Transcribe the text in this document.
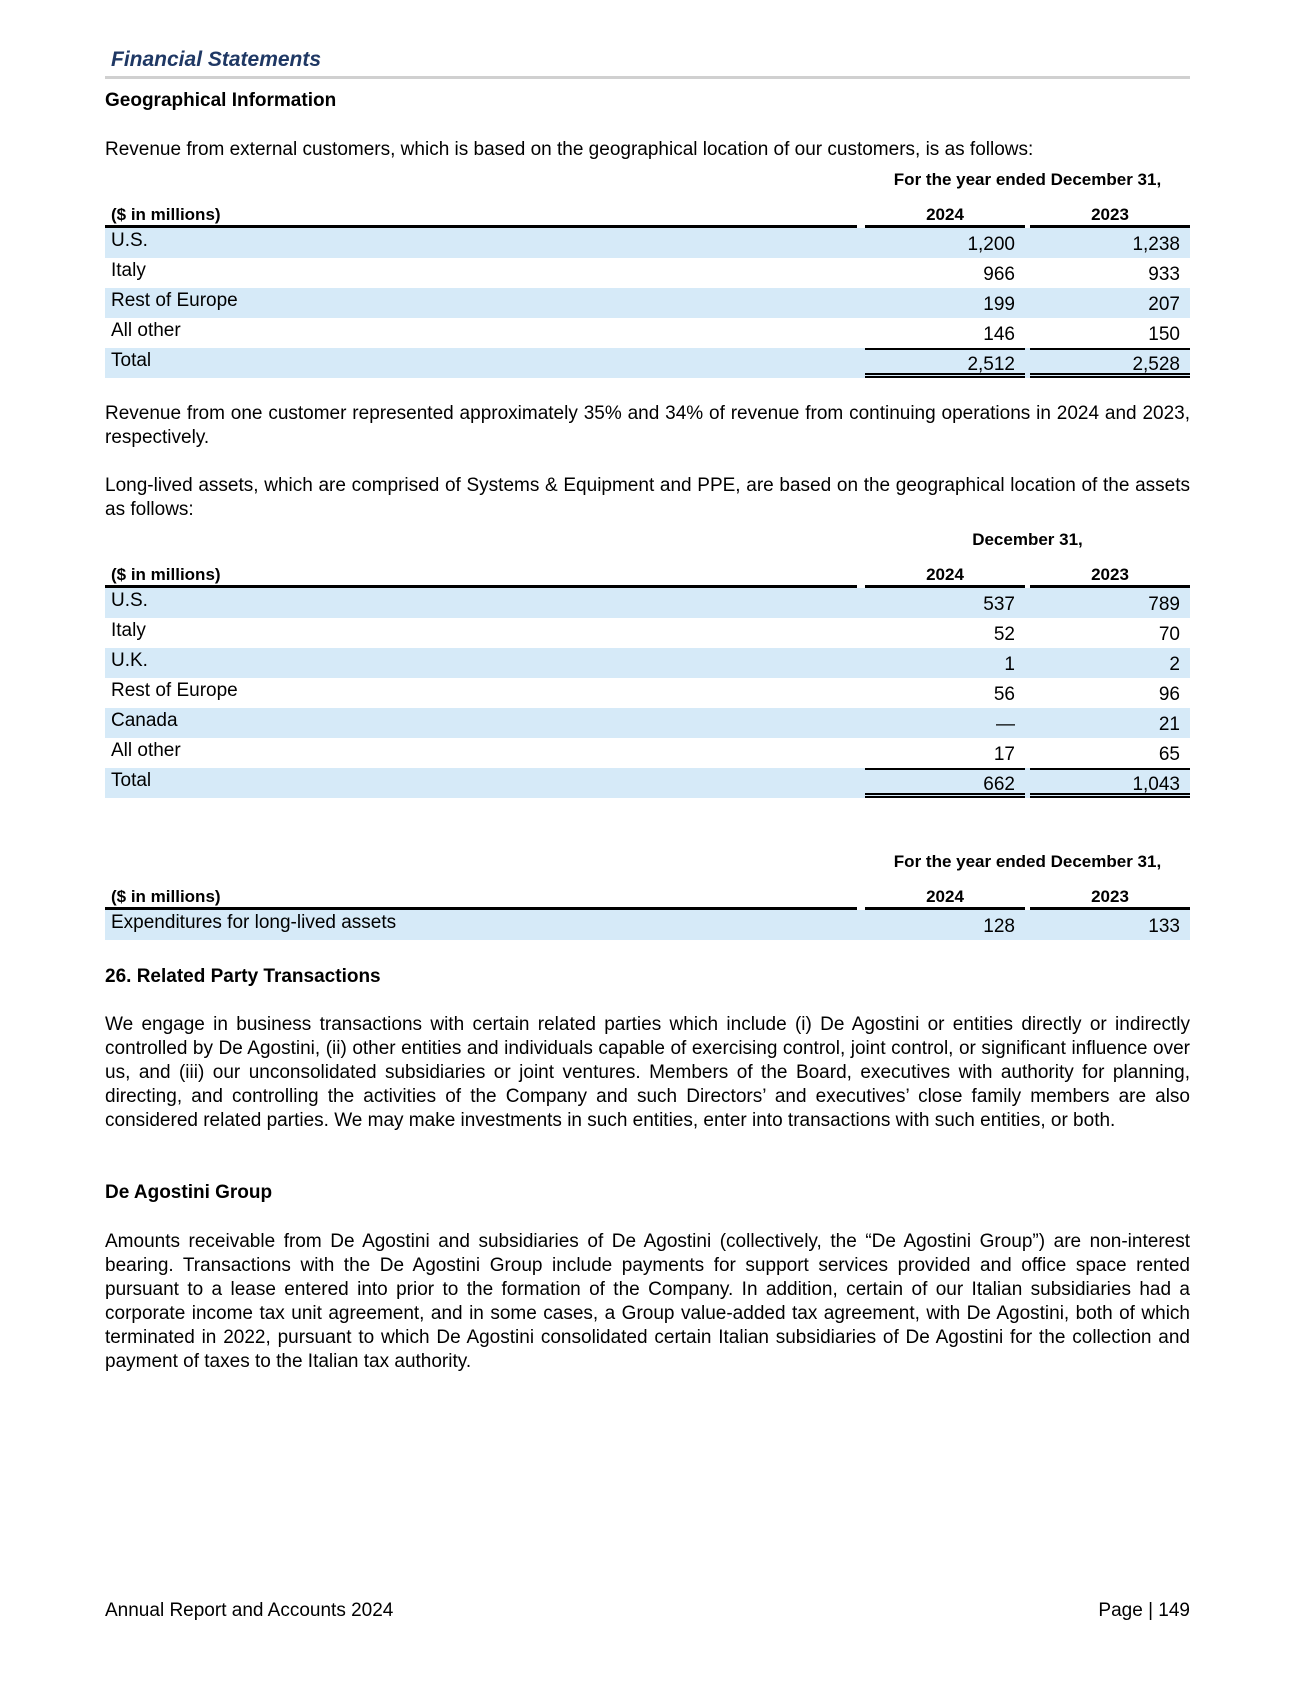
Financial Statements
Geographical Information
Revenue from external customers, which is based on the geographical location of our customers, is as follows:
For the year ended December 31,
($ in millions)	2024	2023
U.S.	1,200	1,238
Italy	966	933
Rest of Europe	199	207
All other	146	150
Total	2,512	2,528
Revenue from one customer represented approximately 35% and 34% of revenue from continuing operations in 2024 and 2023, respectively.
Long-lived assets, which are comprised of Systems & Equipment and PPE, are based on the geographical location of the assets as follows:
December 31,
($ in millions)	2024	2023
U.S.	537	789
Italy	52	70
U.K.	1	2
Rest of Europe	56	96
Canada	—	21
All other	17	65
Total	662	1,043
For the year ended December 31,
($ in millions)	2024	2023
Expenditures for long-lived assets	128	133
26. Related Party Transactions
We engage in business transactions with certain related parties which include (i) De Agostini or entities directly or indirectly controlled by De Agostini, (ii) other entities and individuals capable of exercising control, joint control, or significant influence over us, and (iii) our unconsolidated subsidiaries or joint ventures. Members of the Board, executives with authority for planning, directing, and controlling the activities of the Company and such Directors’ and executives’ close family members are also considered related parties. We may make investments in such entities, enter into transactions with such entities, or both.
De Agostini Group
Amounts receivable from De Agostini and subsidiaries of De Agostini (collectively, the “De Agostini Group”) are non-interest bearing. Transactions with the De Agostini Group include payments for support services provided and office space rented pursuant to a lease entered into prior to the formation of the Company. In addition, certain of our Italian subsidiaries had a corporate income tax unit agreement, and in some cases, a Group value-added tax agreement, with De Agostini, both of which terminated in 2022, pursuant to which De Agostini consolidated certain Italian subsidiaries of De Agostini for the collection and payment of taxes to the Italian tax authority.
Annual Report and Accounts 2024	Page | 149
